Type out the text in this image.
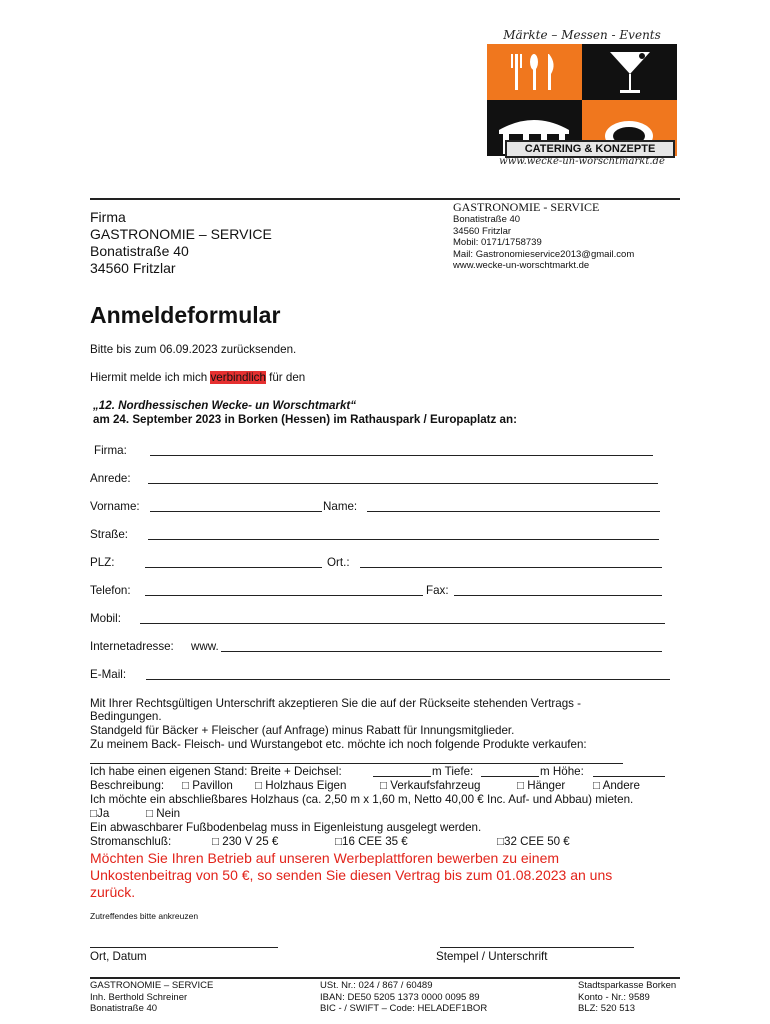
Märkte – Messen - Events
CATERING & KONZEPTE
www.wecke-un-worschtmarkt.de
Firma
GASTRONOMIE – SERVICE
Bonatistraße 40
34560 Fritzlar
GASTRONOMIE - SERVICE
Bonatistraße 40
34560 Fritzlar
Mobil: 0171/1758739
Mail: Gastronomieservice2013@gmail.com
www.wecke-un-worschtmarkt.de
Anmeldeformular
Bitte bis zum 06.09.2023 zurücksenden.
Hiermit melde ich mich verbindlich für den
„12. Nordhessischen Wecke- un Worschtmarkt“
am 24. September 2023 in Borken (Hessen) im Rathauspark / Europaplatz an:
Firma:
Anrede:
Vorname:	Name:
Straße:
PLZ:	Ort.:
Telefon:	Fax:
Mobil:
Internetadresse: www.
E-Mail:
Mit Ihrer Rechtsgültigen Unterschrift akzeptieren Sie die auf der Rückseite stehenden Vertrags -
Bedingungen.
Standgeld für Bäcker + Fleischer (auf Anfrage) minus Rabatt für Innungsmitglieder.
Zu meinem Back- Fleisch- und Wurstangebot etc. möchte ich noch folgende Produkte verkaufen:
Ich habe einen eigenen Stand: Breite + Deichsel:	m Tiefe:	m Höhe:
Beschreibung: □ Pavillon □ Holzhaus Eigen	□ Verkaufsfahrzeug	□ Hänger □ Andere
Ich möchte ein abschließbares Holzhaus (ca. 2,50 m x 1,60 m, Netto 40,00 € Inc. Auf- und Abbau) mieten.
□Ja	□ Nein
Ein abwaschbarer Fußbodenbelag muss in Eigenleistung ausgelegt werden.
Stromanschluß:	□ 230 V 25 €	□16 CEE 35 €	□32 CEE 50 €
Möchten Sie Ihren Betrieb auf unseren Werbeplattforen bewerben zu einem
Unkostenbeitrag von 50 €, so senden Sie diesen Vertrag bis zum 01.08.2023 an uns
zurück.
Zutreffendes bitte ankreuzen
Ort, Datum	Stempel / Unterschrift
GASTRONOMIE – SERVICE
Inh. Berthold Schreiner
Bonatistraße 40
USt. Nr.: 024 / 867 / 60489
IBAN: DE50 5205 1373 0000 0095 89
BIC - / SWIFT – Code: HELADEF1BOR
Stadtsparkasse Borken
Konto - Nr.: 9589
BLZ: 520 513
